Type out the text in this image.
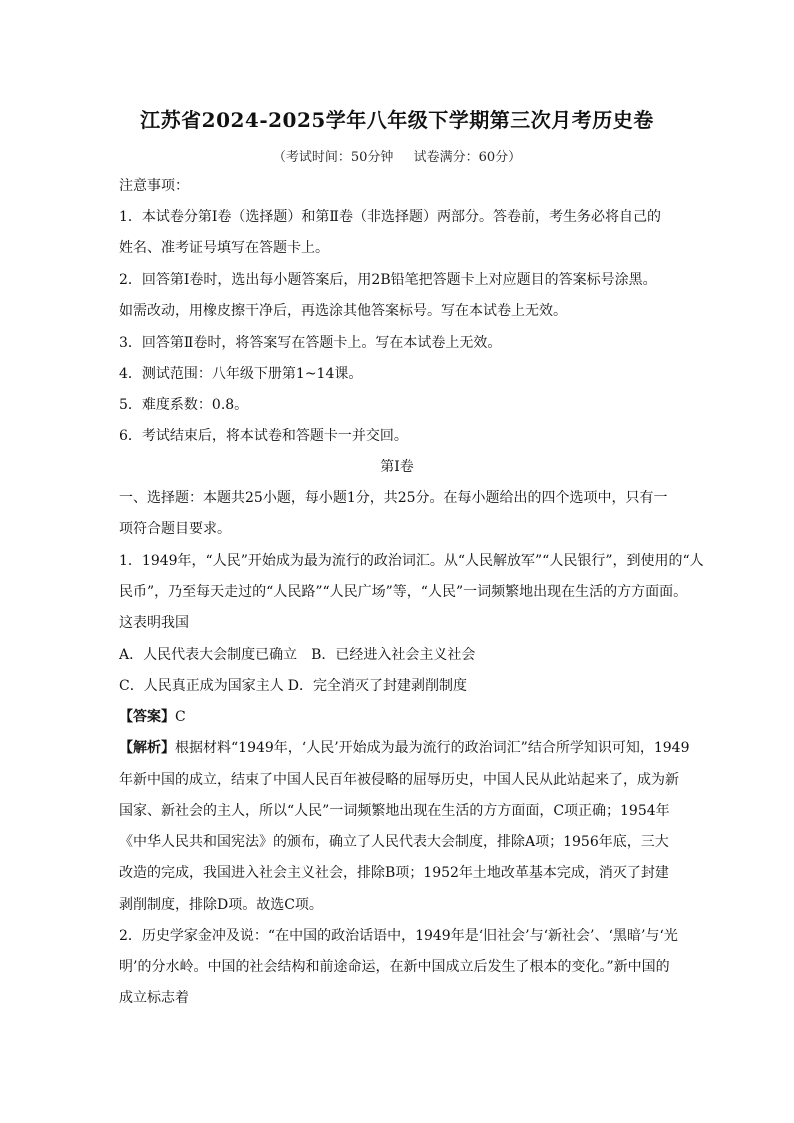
江苏省2024-2025学年八年级下学期第三次月考历史卷
（考试时间：50分钟 试卷满分：60分）
注意事项：
1．本试卷分第Ⅰ卷（选择题）和第Ⅱ卷（非选择题）两部分。答卷前，考生务必将自己的
姓名、准考证号填写在答题卡上。
2．回答第Ⅰ卷时，选出每小题答案后，用2B铅笔把答题卡上对应题目的答案标号涂黑。
如需改动，用橡皮擦干净后，再选涂其他答案标号。写在本试卷上无效。
3．回答第Ⅱ卷时，将答案写在答题卡上。写在本试卷上无效。
4．测试范围：八年级下册第1~14课。
5．难度系数：0.8。
6．考试结束后，将本试卷和答题卡一并交回。
第Ⅰ卷
一、选择题：本题共25小题，每小题1分，共25分。在每小题给出的四个选项中，只有一
项符合题目要求。
1．1949年，“人民”开始成为最为流行的政治词汇。从“人民解放军”“人民银行”，到使用的“人
民币”，乃至每天走过的“人民路”“人民广场”等，“人民”一词频繁地出现在生活的方方面面。
这表明我国
A．人民代表大会制度已确立 B．已经进入社会主义社会
C．人民真正成为国家主人 D．完全消灭了封建剥削制度
【答案】C
【解析】根据材料“1949年，‘人民’开始成为最为流行的政治词汇”结合所学知识可知，1949
年新中国的成立，结束了中国人民百年被侵略的屈辱历史，中国人民从此站起来了，成为新
国家、新社会的主人，所以“人民”一词频繁地出现在生活的方方面面，C项正确；1954年
《中华人民共和国宪法》的颁布，确立了人民代表大会制度，排除A项；1956年底，三大
改造的完成，我国进入社会主义社会，排除B项；1952年土地改革基本完成，消灭了封建
剥削制度，排除D项。故选C项。
2．历史学家金冲及说：“在中国的政治话语中，1949年是‘旧社会’与‘新社会’、‘黑暗’与‘光
明’的分水岭。中国的社会结构和前途命运，在新中国成立后发生了根本的变化。”新中国的
成立标志着
